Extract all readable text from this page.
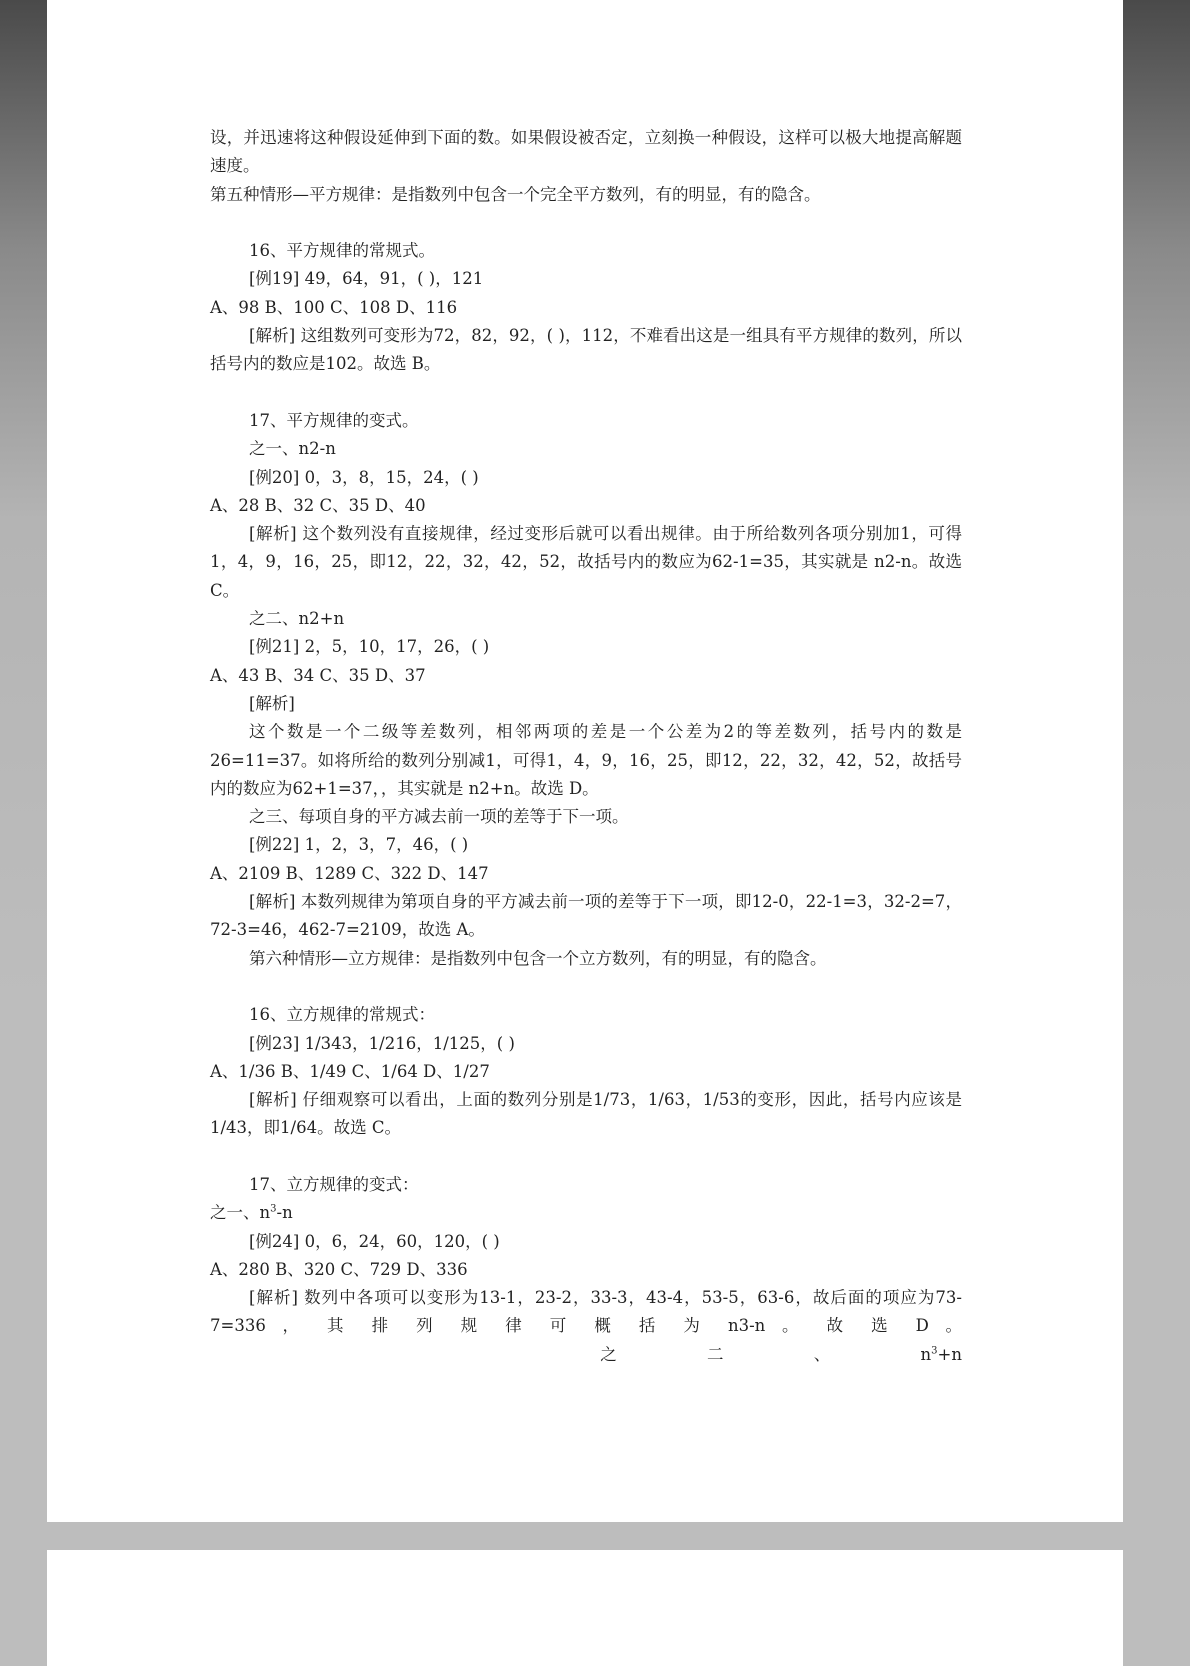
设，并迅速将这种假设延伸到下面的数。如果假设被否定，立刻换一种假设，这样可以极大地提高解题速度。

第五种情形—平方规律：是指数列中包含一个完全平方数列，有的明显，有的隐含。

16、平方规律的常规式。

[例19] 49，64，91，( )，121

A、98 B、100 C、108 D、116

[解析] 这组数列可变形为72，82，92，( )，112，不难看出这是一组具有平方规律的数列，所以括号内的数应是102。故选 B。

17、平方规律的变式。

之一、n2-n

[例20] 0，3，8，15，24，( )

A、28 B、32 C、35 D、40

[解析] 这个数列没有直接规律，经过变形后就可以看出规律。由于所给数列各项分别加1，可得1，4，9，16，25，即12，22，32，42，52，故括号内的数应为62-1=35，其实就是 n2-n。故选 C。

之二、n2+n

[例21] 2，5，10，17，26，( )

A、43 B、34 C、35 D、37

[解析]

这个数是一个二级等差数列，相邻两项的差是一个公差为2的等差数列，括号内的数是26=11=37。如将所给的数列分别减1，可得1，4，9，16，25，即12，22，32，42，52，故括号内的数应为62+1=37，，其实就是 n2+n。故选 D。

之三、每项自身的平方减去前一项的差等于下一项。

[例22] 1，2，3，7，46，( )

A、2109 B、1289 C、322 D、147

[解析] 本数列规律为第项自身的平方减去前一项的差等于下一项，即12-0，22-1=3，32-2=7，72-3=46，462-7=2109，故选 A。

第六种情形—立方规律：是指数列中包含一个立方数列，有的明显，有的隐含。

16、立方规律的常规式：

[例23] 1/343，1/216，1/125，( )

A、1/36 B、1/49 C、1/64 D、1/27

[解析] 仔细观察可以看出，上面的数列分别是1/73，1/63，1/53的变形，因此，括号内应该是1/43，即1/64。故选 C。

17、立方规律的变式：

之一、$n^3-n$

[例24] 0，6，24，60，120，( )

A、280 B、320 C、729 D、336

[解析] 数列中各项可以变形为13-1，23-2，33-3，43-4，53-5，63-6，故后面的项应为73-7=336 ， 其 排 列 规 律 可 概 括 为 n3-n 。 故 选 D 。

之	二	、	$n^3+n$
